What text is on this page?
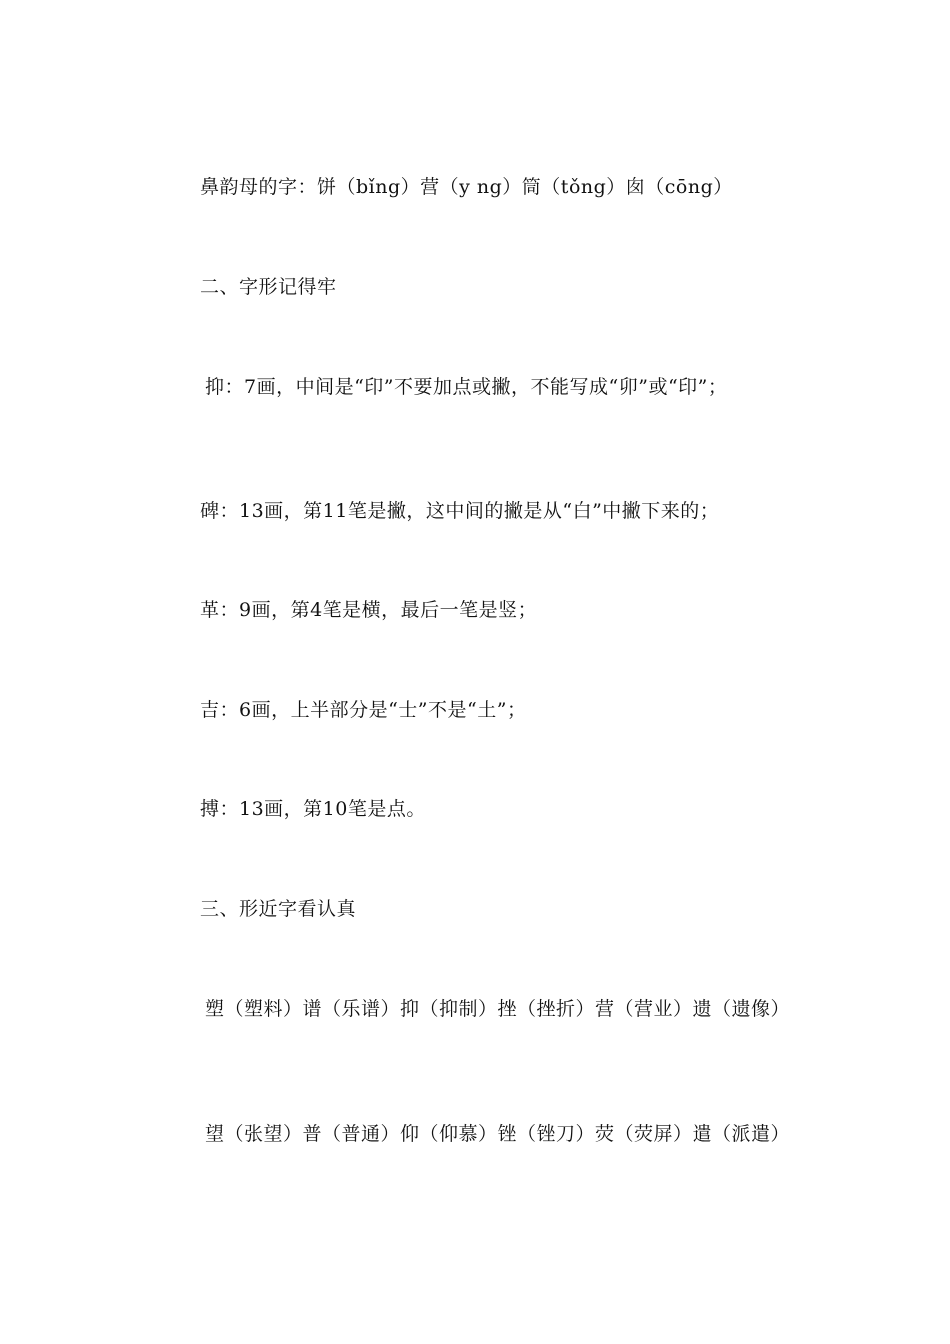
鼻韵母的字：饼（bǐng）营（y ng）筒（tǒng）囱（cōng）
二、字形记得牢
抑：7画，中间是“印”不要加点或撇，不能写成“卯”或“印”；
碑：13画，第11笔是撇，这中间的撇是从“白”中撇下来的；
革：9画，第4笔是横，最后一笔是竖；
吉：6画，上半部分是“士”不是“土”；
搏：13画，第10笔是点。
三、形近字看认真
塑（塑料）谱（乐谱）抑（抑制）挫（挫折）营（营业）遗（遗像）
望（张望）普（普通）仰（仰慕）锉（锉刀）荧（荧屏）遣（派遣）
